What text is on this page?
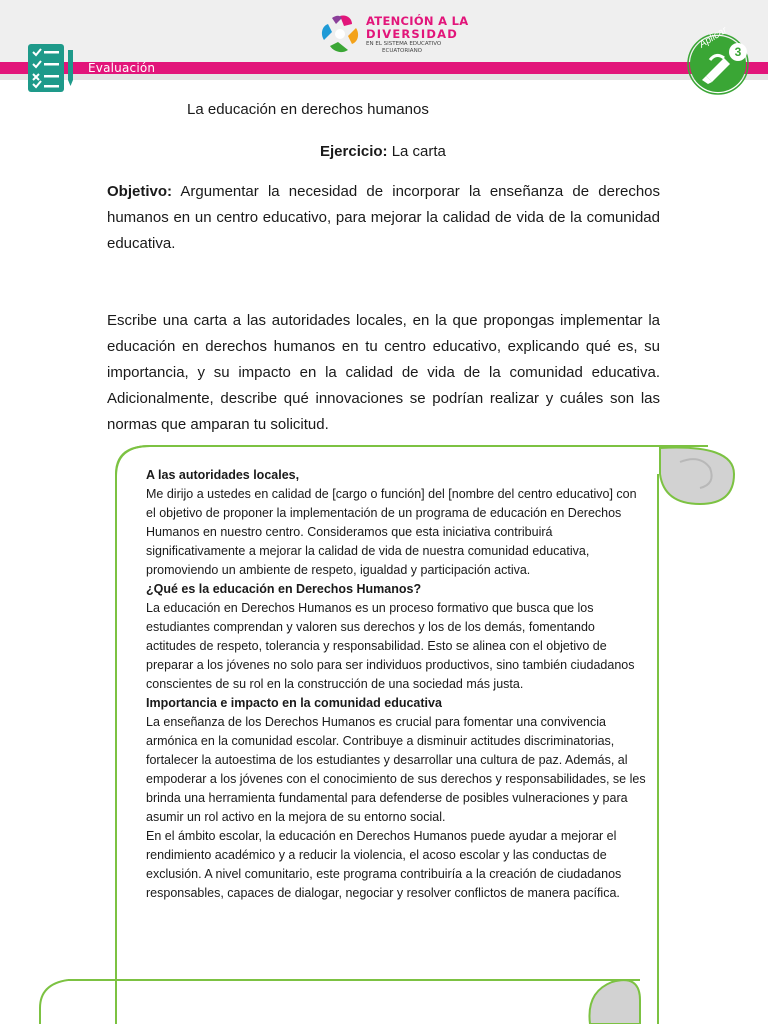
ATENCIÓN A LA
DIVERSIDAD
EN EL SISTEMA EDUCATIVO
ECUATORIANO
Evaluación
3
Aplicar
La educación en derechos humanos
Ejercicio: La carta
Objetivo: Argumentar la necesidad de incorporar la enseñanza de derechos humanos en un centro educativo, para mejorar la calidad de vida de la comunidad educativa.
Escribe una carta a las autoridades locales, en la que propongas implementar la educación en derechos humanos en tu centro educativo, explicando qué es, su importancia, y su impacto en la calidad de vida de la comunidad educativa. Adicionalmente, describe qué innovaciones se podrían realizar y cuáles son las normas que amparan tu solicitud.

A las autoridades locales,

Me dirijo a ustedes en calidad de [cargo o función] del [nombre del centro educativo] con el objetivo de proponer la implementación de un programa de educación en Derechos Humanos en nuestro centro. Consideramos que esta iniciativa contribuirá significativamente a mejorar la calidad de vida de nuestra comunidad educativa, promoviendo un ambiente de respeto, igualdad y participación activa.

¿Qué es la educación en Derechos Humanos?

La educación en Derechos Humanos es un proceso formativo que busca que los estudiantes comprendan y valoren sus derechos y los de los demás, fomentando actitudes de respeto, tolerancia y responsabilidad. Esto se alinea con el objetivo de preparar a los jóvenes no solo para ser individuos productivos, sino también ciudadanos conscientes de su rol en la construcción de una sociedad más justa.

Importancia e impacto en la comunidad educativa

La enseñanza de los Derechos Humanos es crucial para fomentar una convivencia armónica en la comunidad escolar. Contribuye a disminuir actitudes discriminatorias, fortalecer la autoestima de los estudiantes y desarrollar una cultura de paz. Además, al empoderar a los jóvenes con el conocimiento de sus derechos y responsabilidades, se les brinda una herramienta fundamental para defenderse de posibles vulneraciones y para asumir un rol activo en la mejora de su entorno social.

En el ámbito escolar, la educación en Derechos Humanos puede ayudar a mejorar el rendimiento académico y a reducir la violencia, el acoso escolar y las conductas de exclusión. A nivel comunitario, este programa contribuiría a la creación de ciudadanos responsables, capaces de dialogar, negociar y resolver conflictos de manera pacífica.
